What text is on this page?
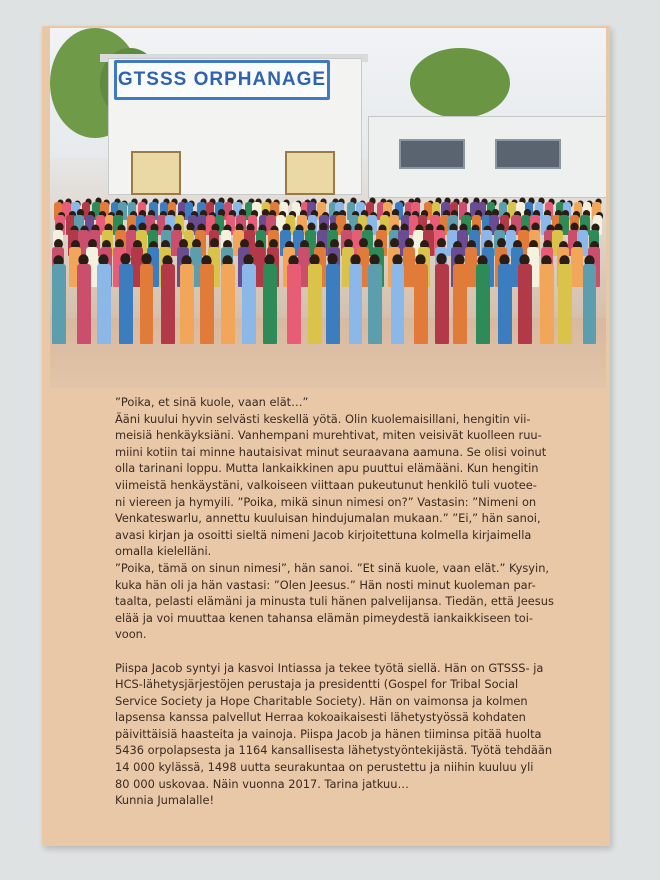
GTSSS ORPHANAGE

”Poika, et sinä kuole, vaan elät…”

Ääni kuului hyvin selvästi keskellä yötä. Olin kuolemaisillani, hengitin vii-

meisiä henkäyksiäni. Vanhempani murehtivat, miten veisivät kuolleen ruu-

miini kotiin tai minne hautaisivat minut seuraavana aamuna. Se olisi voinut

olla tarinani loppu. Mutta lankaikkinen apu puuttui elämääni. Kun hengitin

viimeistä henkäystäni, valkoiseen viittaan pukeutunut henkilö tuli vuotee-

ni viereen ja hymyili. ”Poika, mikä sinun nimesi on?” Vastasin: ”Nimeni on

Venkateswarlu, annettu kuuluisan hindujumalan mukaan.” ”Ei,” hän sanoi,

avasi kirjan ja osoitti sieltä nimeni Jacob kirjoitettuna kolmella kirjaimella

omalla kielelläni.

”Poika, tämä on sinun nimesi”, hän sanoi. ”Et sinä kuole, vaan elät.” Kysyin,

kuka hän oli ja hän vastasi: ”Olen Jeesus.” Hän nosti minut kuoleman par-

taalta, pelasti elämäni ja minusta tuli hänen palvelijansa. Tiedän, että Jeesus

elää ja voi muuttaa kenen tahansa elämän pimeydestä iankaikkiseen toi-

voon.

Piispa Jacob syntyi ja kasvoi Intiassa ja tekee työtä siellä. Hän on GTSSS- ja

HCS-lähetysjärjestöjen perustaja ja presidentti (Gospel for Tribal Social

Service Society ja Hope Charitable Society). Hän on vaimonsa ja kolmen

lapsensa kanssa palvellut Herraa kokoaikaisesti lähetystyössä kohdaten

päivittäisiä haasteita ja vainoja. Piispa Jacob ja hänen tiiminsa pitää huolta

5436 orpolapsesta ja 1164 kansallisesta lähetystyöntekijästä. Työtä tehdään

14 000 kylässä, 1498 uutta seurakuntaa on perustettu ja niihin kuuluu yli

80 000 uskovaa. Näin vuonna 2017. Tarina jatkuu…

Kunnia Jumalalle!
